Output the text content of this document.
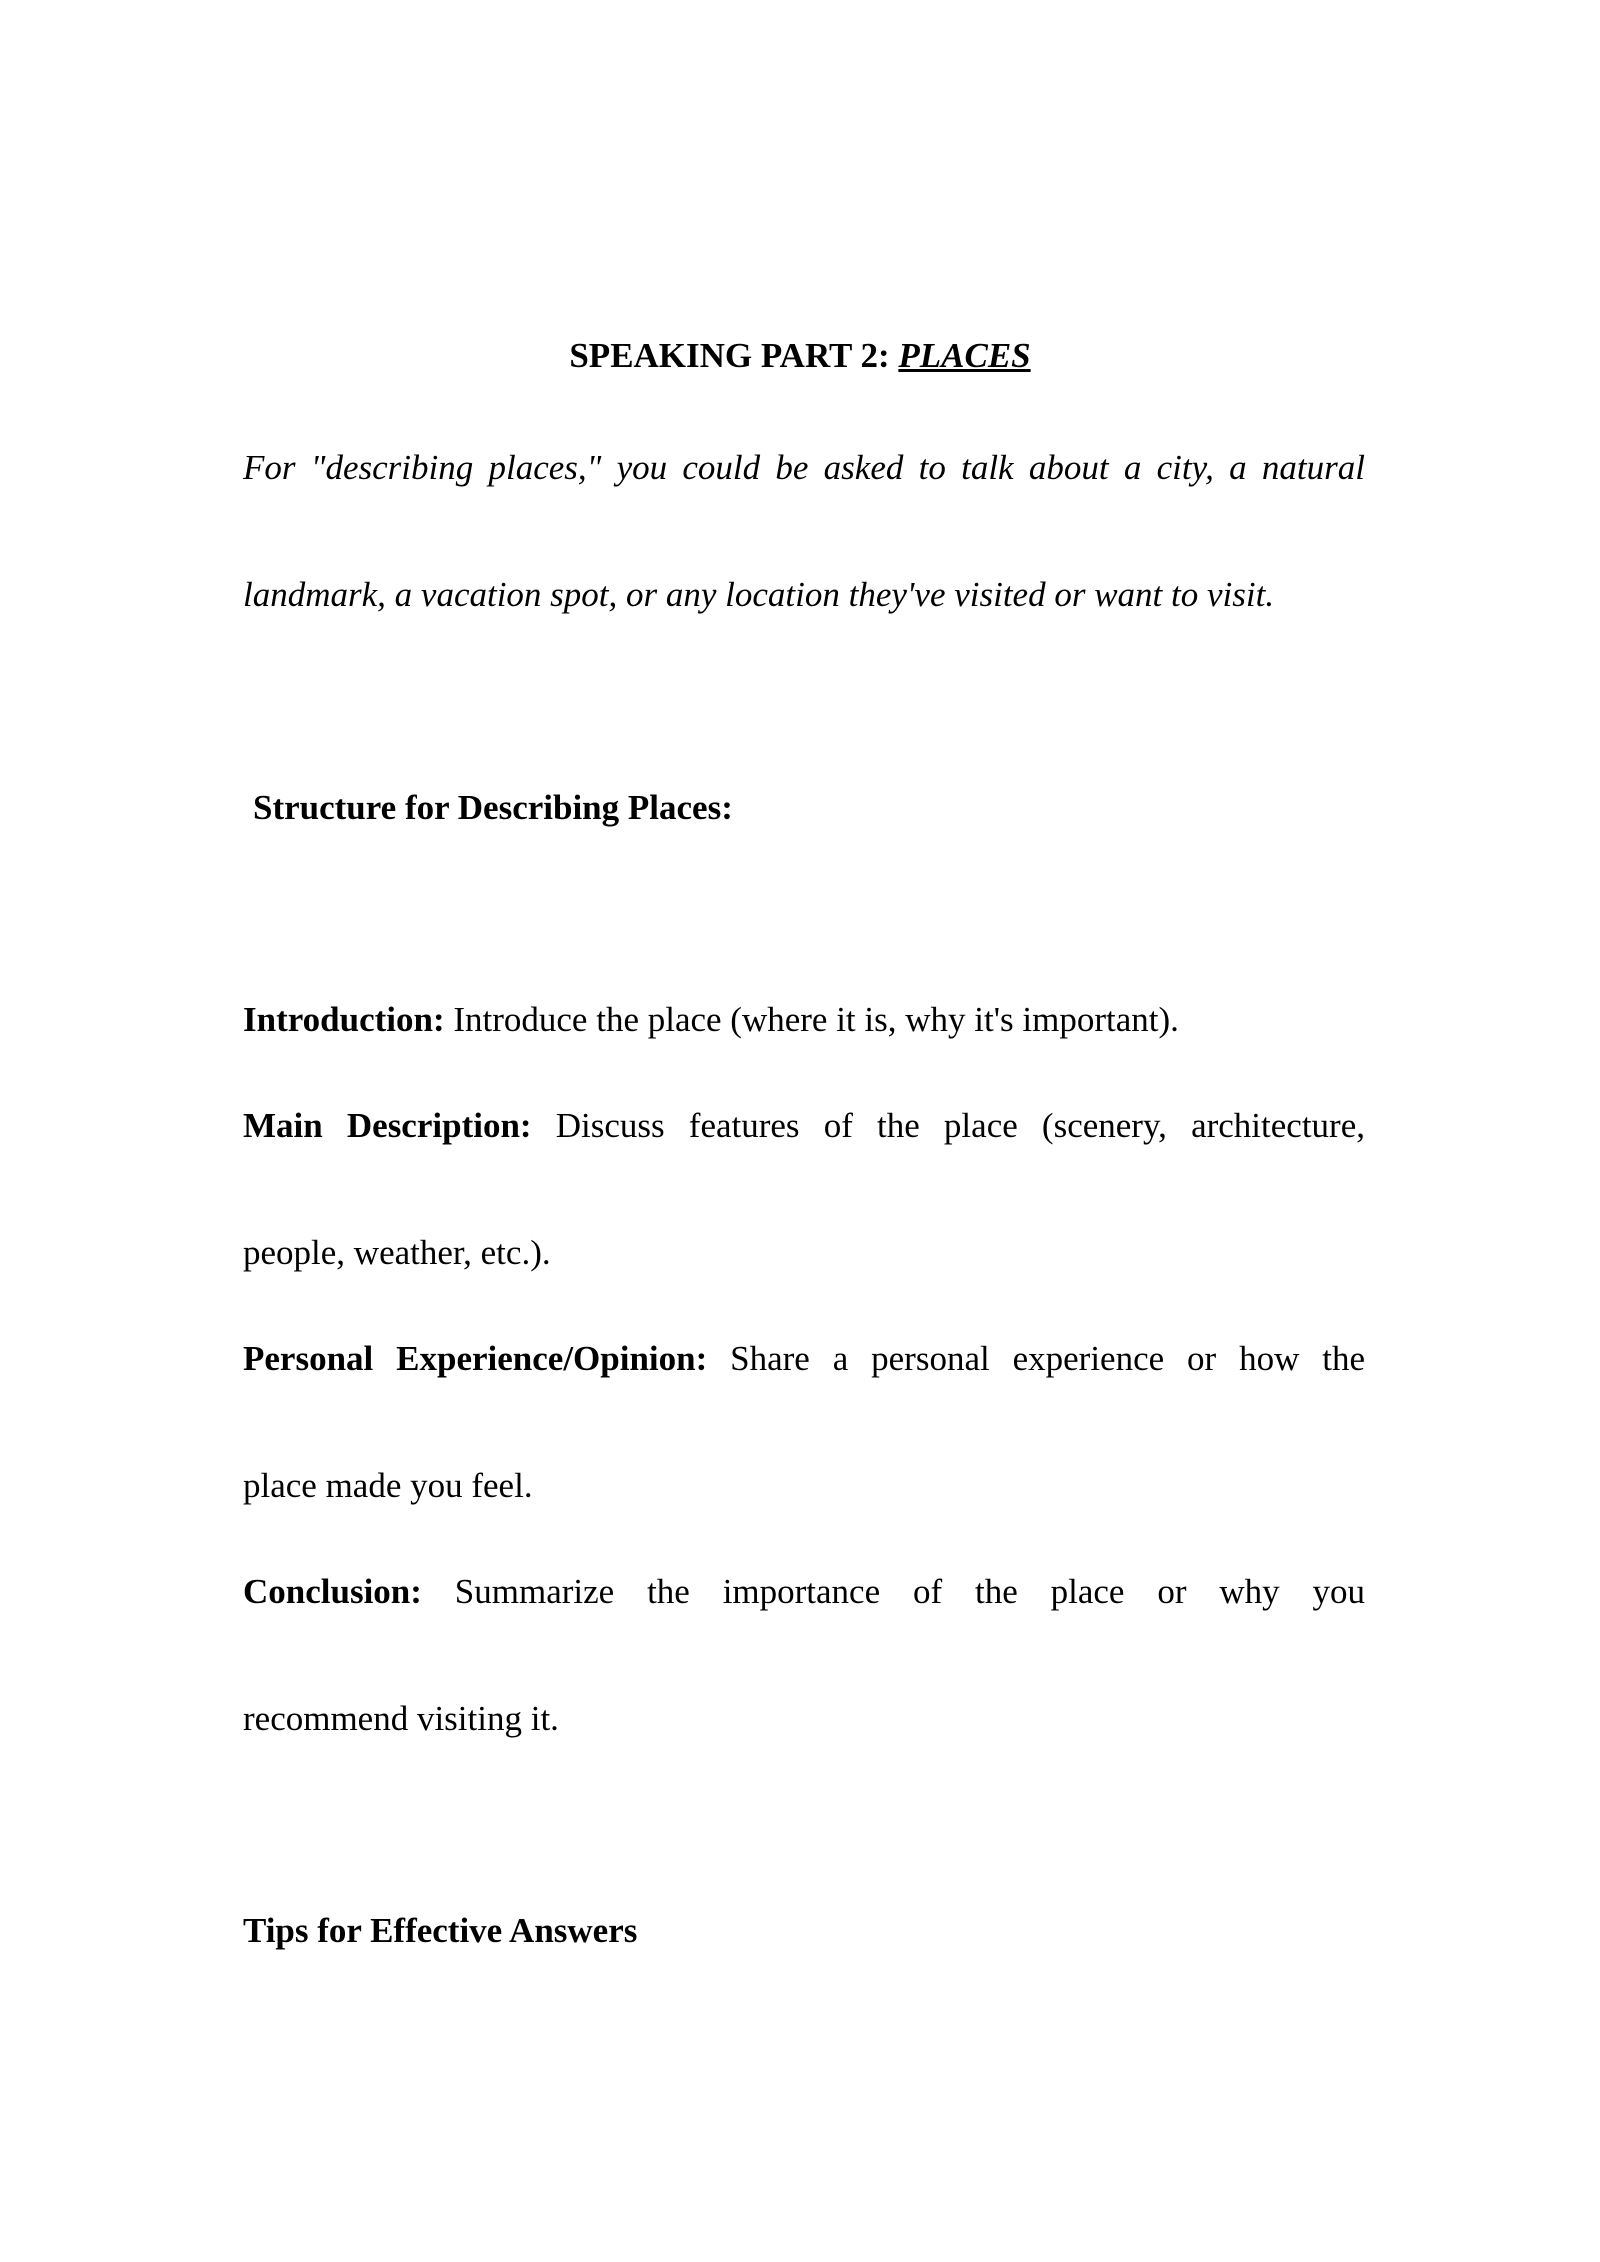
SPEAKING PART 2: PLACES
For "describing places," you could be asked to talk about a city, a natural
landmark, a vacation spot, or any location they've visited or want to visit.
Structure for Describing Places:
Introduction: Introduce the place (where it is, why it's important).
Main Description: Discuss features of the place (scenery, architecture,
people, weather, etc.).
Personal Experience/Opinion: Share a personal experience or how the
place made you feel.
Conclusion: Summarize the importance of the place or why you
recommend visiting it.
Tips for Effective Answers
